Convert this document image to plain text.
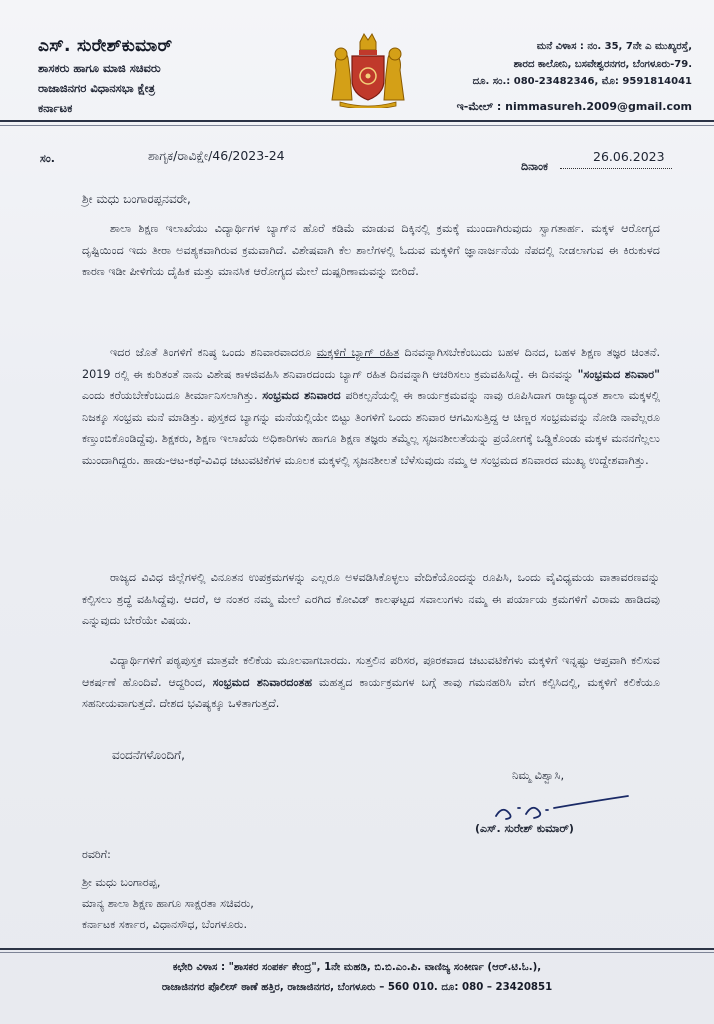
ಎಸ್. ಸುರೇಶ್‌ಕುಮಾರ್
ಶಾಸಕರು ಹಾಗೂ ಮಾಜಿ ಸಚಿವರು
ರಾಜಾಜಿನಗರ ವಿಧಾನಸಭಾ ಕ್ಷೇತ್ರ
ಕರ್ನಾಟಕ
ಮನೆ ವಿಳಾಸ : ನಂ. 35, 7ನೇ ಎ ಮುಖ್ಯರಸ್ತೆ,
ಶಾರದ ಕಾಲೋನಿ, ಬಸವೇಶ್ವರನಗರ, ಬೆಂಗಳೂರು-79.
ದೂ. ಸಂ.: 080-23482346, ಮೊ: 9591814041
ಇ-ಮೇಲ್ : nimmasureh.2009@gmail.com
ಸಂ.	ಶಾಗೃಕ/ರಾವಿಕ್ಷೇ/46/2023-24
ದಿನಾಂಕ
26.06.2023
ಶ್ರೀ ಮಧು ಬಂಗಾರಪ್ಪನವರೇ,

ಶಾಲಾ ಶಿಕ್ಷಣ ಇಲಾಖೆಯು ವಿದ್ಯಾರ್ಥಿಗಳ ಬ್ಯಾಗ್‌ನ ಹೊರೆ ಕಡಿಮೆ ಮಾಡುವ ದಿಕ್ಕಿನಲ್ಲಿ ಕ್ರಮಕ್ಕೆ ಮುಂದಾಗಿರುವುದು ಸ್ವಾಗತಾರ್ಹ. ಮಕ್ಕಳ ಆರೋಗ್ಯದ ದೃಷ್ಟಿಯಿಂದ ಇದು ತೀರಾ ಅವಶ್ಯಕವಾಗಿರುವ ಕ್ರಮವಾಗಿದೆ. ವಿಶೇಷವಾಗಿ ಕೆಲ ಶಾಲೆಗಳಲ್ಲಿ ಓದುವ ಮಕ್ಕಳಿಗೆ ಜ್ಞಾನಾರ್ಜನೆಯ ನೆಪದಲ್ಲಿ ನೀಡಲಾಗುವ ಈ ಕಿರುಕುಳದ ಕಾರಣ ಇಡೀ ಪೀಳಿಗೆಯ ದೈಹಿಕ ಮತ್ತು ಮಾನಸಿಕ ಆರೋಗ್ಯದ ಮೇಲೆ ದುಷ್ಪರಿಣಾಮವನ್ನು ಬೀರಿದೆ.

ಇದರ ಜೊತೆ ತಿಂಗಳಿಗೆ ಕನಿಷ್ಠ ಒಂದು ಶನಿವಾರವಾದರೂ ಮಕ್ಕಳಿಗೆ ಬ್ಯಾಗ್ ರಹಿತ ದಿನವನ್ನಾಗಿಸಬೇಕೆಂಬುದು ಬಹಳ ದಿನದ, ಬಹಳ ಶಿಕ್ಷಣ ತಜ್ಞರ ಚಿಂತನೆ. 2019 ರಲ್ಲಿ ಈ ಕುರಿತಂತೆ ನಾನು ವಿಶೇಷ ಕಾಳಜಿವಹಿಸಿ ಶನಿವಾರದಂದು ಬ್ಯಾಗ್ ರಹಿತ ದಿನವನ್ನಾಗಿ ಆಚರಿಸಲು ಕ್ರಮವಹಿಸಿದ್ದೆ. ಈ ದಿನವನ್ನು "ಸಂಭ್ರಮದ ಶನಿವಾರ" ಎಂದು ಕರೆಯಬೇಕೆಂಬುದೂ ತೀರ್ಮಾನಿಸಲಾಗಿತ್ತು. ಸಂಭ್ರಮದ ಶನಿವಾರದ ಪರಿಕಲ್ಪನೆಯಲ್ಲಿ ಈ ಕಾರ್ಯಕ್ರಮವನ್ನು ನಾವು ರೂಪಿಸಿದಾಗ ರಾಜ್ಯಾದ್ಯಂತ ಶಾಲಾ ಮಕ್ಕಳಲ್ಲಿ ನಿಜಕ್ಕೂ ಸಂಭ್ರಮ ಮನೆ ಮಾಡಿತ್ತು. ಪುಸ್ತಕದ ಬ್ಯಾಗನ್ನು ಮನೆಯಲ್ಲಿಯೇ ಬಿಟ್ಟು ತಿಂಗಳಿಗೆ ಒಂದು ಶನಿವಾರ ಆಗಮಿಸುತ್ತಿದ್ದ ಆ ಚಿಣ್ಣರ ಸಂಭ್ರಮವನ್ನು ನೋಡಿ ನಾವೆಲ್ಲರೂ ಕಣ್ತುಂಬಿಕೊಂಡಿದ್ದೆವು. ಶಿಕ್ಷಕರು, ಶಿಕ್ಷಣ ಇಲಾಖೆಯ ಅಧಿಕಾರಿಗಳು ಹಾಗೂ ಶಿಕ್ಷಣ ತಜ್ಞರು ತಮ್ಮೆಲ್ಲ ಸೃಜನಶೀಲತೆಯನ್ನು ಪ್ರಯೋಗಕ್ಕೆ ಒಡ್ಡಿಕೊಂಡು ಮಕ್ಕಳ ಮನನಗೆಲ್ಲಲು ಮುಂದಾಗಿದ್ದರು. ಹಾಡು-ಆಟ-ಕಥೆ-ವಿವಿಧ ಚಟುವಟಿಕೆಗಳ ಮೂಲಕ ಮಕ್ಕಳಲ್ಲಿ ಸೃಜನಶೀಲತೆ ಬೆಳೆಸುವುದು ನಮ್ಮ ಆ ಸಂಭ್ರಮದ ಶನಿವಾರದ ಮುಖ್ಯ ಉದ್ದೇಶವಾಗಿತ್ತು.

ರಾಜ್ಯದ ವಿವಿಧ ಜಿಲ್ಲೆಗಳಲ್ಲಿ ವಿನೂತನ ಉಪಕ್ರಮಗಳನ್ನು ಎಲ್ಲರೂ ಅಳವಡಿಸಿಕೊಳ್ಳಲು ವೇದಿಕೆಯೊಂದನ್ನು ರೂಪಿಸಿ, ಒಂದು ವೈವಿಧ್ಯಮಯ ವಾತಾವರಣವನ್ನು ಕಲ್ಪಿಸಲು ಶ್ರದ್ಧೆ ವಹಿಸಿದ್ದೆವು. ಆದರೆ, ಆ ನಂತರ ನಮ್ಮ ಮೇಲೆ ಎರಗಿದ ಕೋವಿಡ್ ಕಾಲಘಟ್ಟದ ಸವಾಲುಗಳು ನಮ್ಮ ಈ ಪರ್ಯಾಯ ಕ್ರಮಗಳಿಗೆ ವಿರಾಮ ಹಾಡಿದವು ಎನ್ನುವುದು ಬೇರೆಯೇ ವಿಷಯ.

ವಿದ್ಯಾರ್ಥಿಗಳಿಗೆ ಪಠ್ಯಪುಸ್ತಕ ಮಾತ್ರವೇ ಕಲಿಕೆಯ ಮೂಲವಾಗಬಾರದು. ಸುತ್ತಲಿನ ಪರಿಸರ, ಪೂರಕವಾದ ಚಟುವಟಿಕೆಗಳು ಮಕ್ಕಳಿಗೆ ಇನ್ನಷ್ಟು ಆಪ್ತವಾಗಿ ಕಲಿಸುವ ಆಕರ್ಷಣೆ ಹೊಂದಿವೆ. ಆದ್ದರಿಂದ, ಸಂಭ್ರಮದ ಶನಿವಾರದಂತಹ ಮಹತ್ವದ ಕಾರ್ಯಕ್ರಮಗಳ ಬಗ್ಗೆ ತಾವು ಗಮನಹರಿಸಿ ವೇಗ ಕಲ್ಪಿಸಿದಲ್ಲಿ, ಮಕ್ಕಳಿಗೆ ಕಲಿಕೆಯೂ ಸಹನೀಯವಾಗುತ್ತದೆ. ದೇಶದ ಭವಿಷ್ಯಕ್ಕೂ ಒಳಿತಾಗುತ್ತದೆ.

ವಂದನೆಗಳೊಂದಿಗೆ,
ನಿಮ್ಮ ವಿಶ್ವಾಸಿ,
(ಎಸ್. ಸುರೇಶ್ ಕುಮಾರ್)
ರವರಿಗೆ:
ಶ್ರೀ ಮಧು ಬಂಗಾರಪ್ಪ,
ಮಾನ್ಯ ಶಾಲಾ ಶಿಕ್ಷಣ ಹಾಗೂ ಸಾಕ್ಷರತಾ ಸಚಿವರು,
ಕರ್ನಾಟಕ ಸರ್ಕಾರ, ವಿಧಾನಸೌಧ, ಬೆಂಗಳೂರು.
ಕಛೇರಿ ವಿಳಾಸ : "ಶಾಸಕರ ಸಂಪರ್ಕ ಕೇಂದ್ರ", 1ನೇ ಮಹಡಿ, ಬಿ.ಬಿ.ಎಂ.ಪಿ. ವಾಣಿಜ್ಯ ಸಂಕೀರ್ಣ (ಆರ್.ಟಿ.ಓ.),
ರಾಜಾಜಿನಗರ ಪೊಲೀಸ್ ಠಾಣೆ ಹತ್ತಿರ, ರಾಜಾಜಿನಗರ, ಬೆಂಗಳೂರು – 560 010. ದೂ: 080 – 23420851
